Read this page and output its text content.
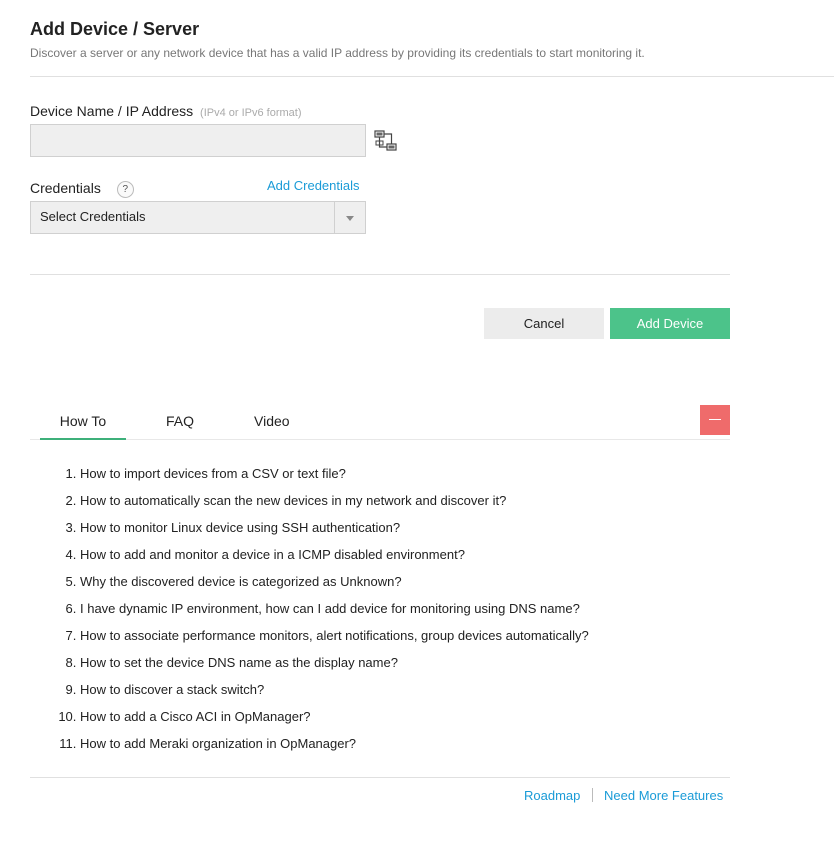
Add Device / Server
Discover a server or any network device that has a valid IP address by providing its credentials to start monitoring it.
Device Name / IP Address (IPv4 or IPv6 format)
Credentials ?	Add Credentials
Select Credentials
Cancel	Add Device
How To	FAQ	Video
1. How to import devices from a CSV or text file?
2. How to automatically scan the new devices in my network and discover it?
3. How to monitor Linux device using SSH authentication?
4. How to add and monitor a device in a ICMP disabled environment?
5. Why the discovered device is categorized as Unknown?
6. I have dynamic IP environment, how can I add device for monitoring using DNS name?
7. How to associate performance monitors, alert notifications, group devices automatically?
8. How to set the device DNS name as the display name?
9. How to discover a stack switch?
10. How to add a Cisco ACI in OpManager?
11. How to add Meraki organization in OpManager?
Roadmap Need More Features
